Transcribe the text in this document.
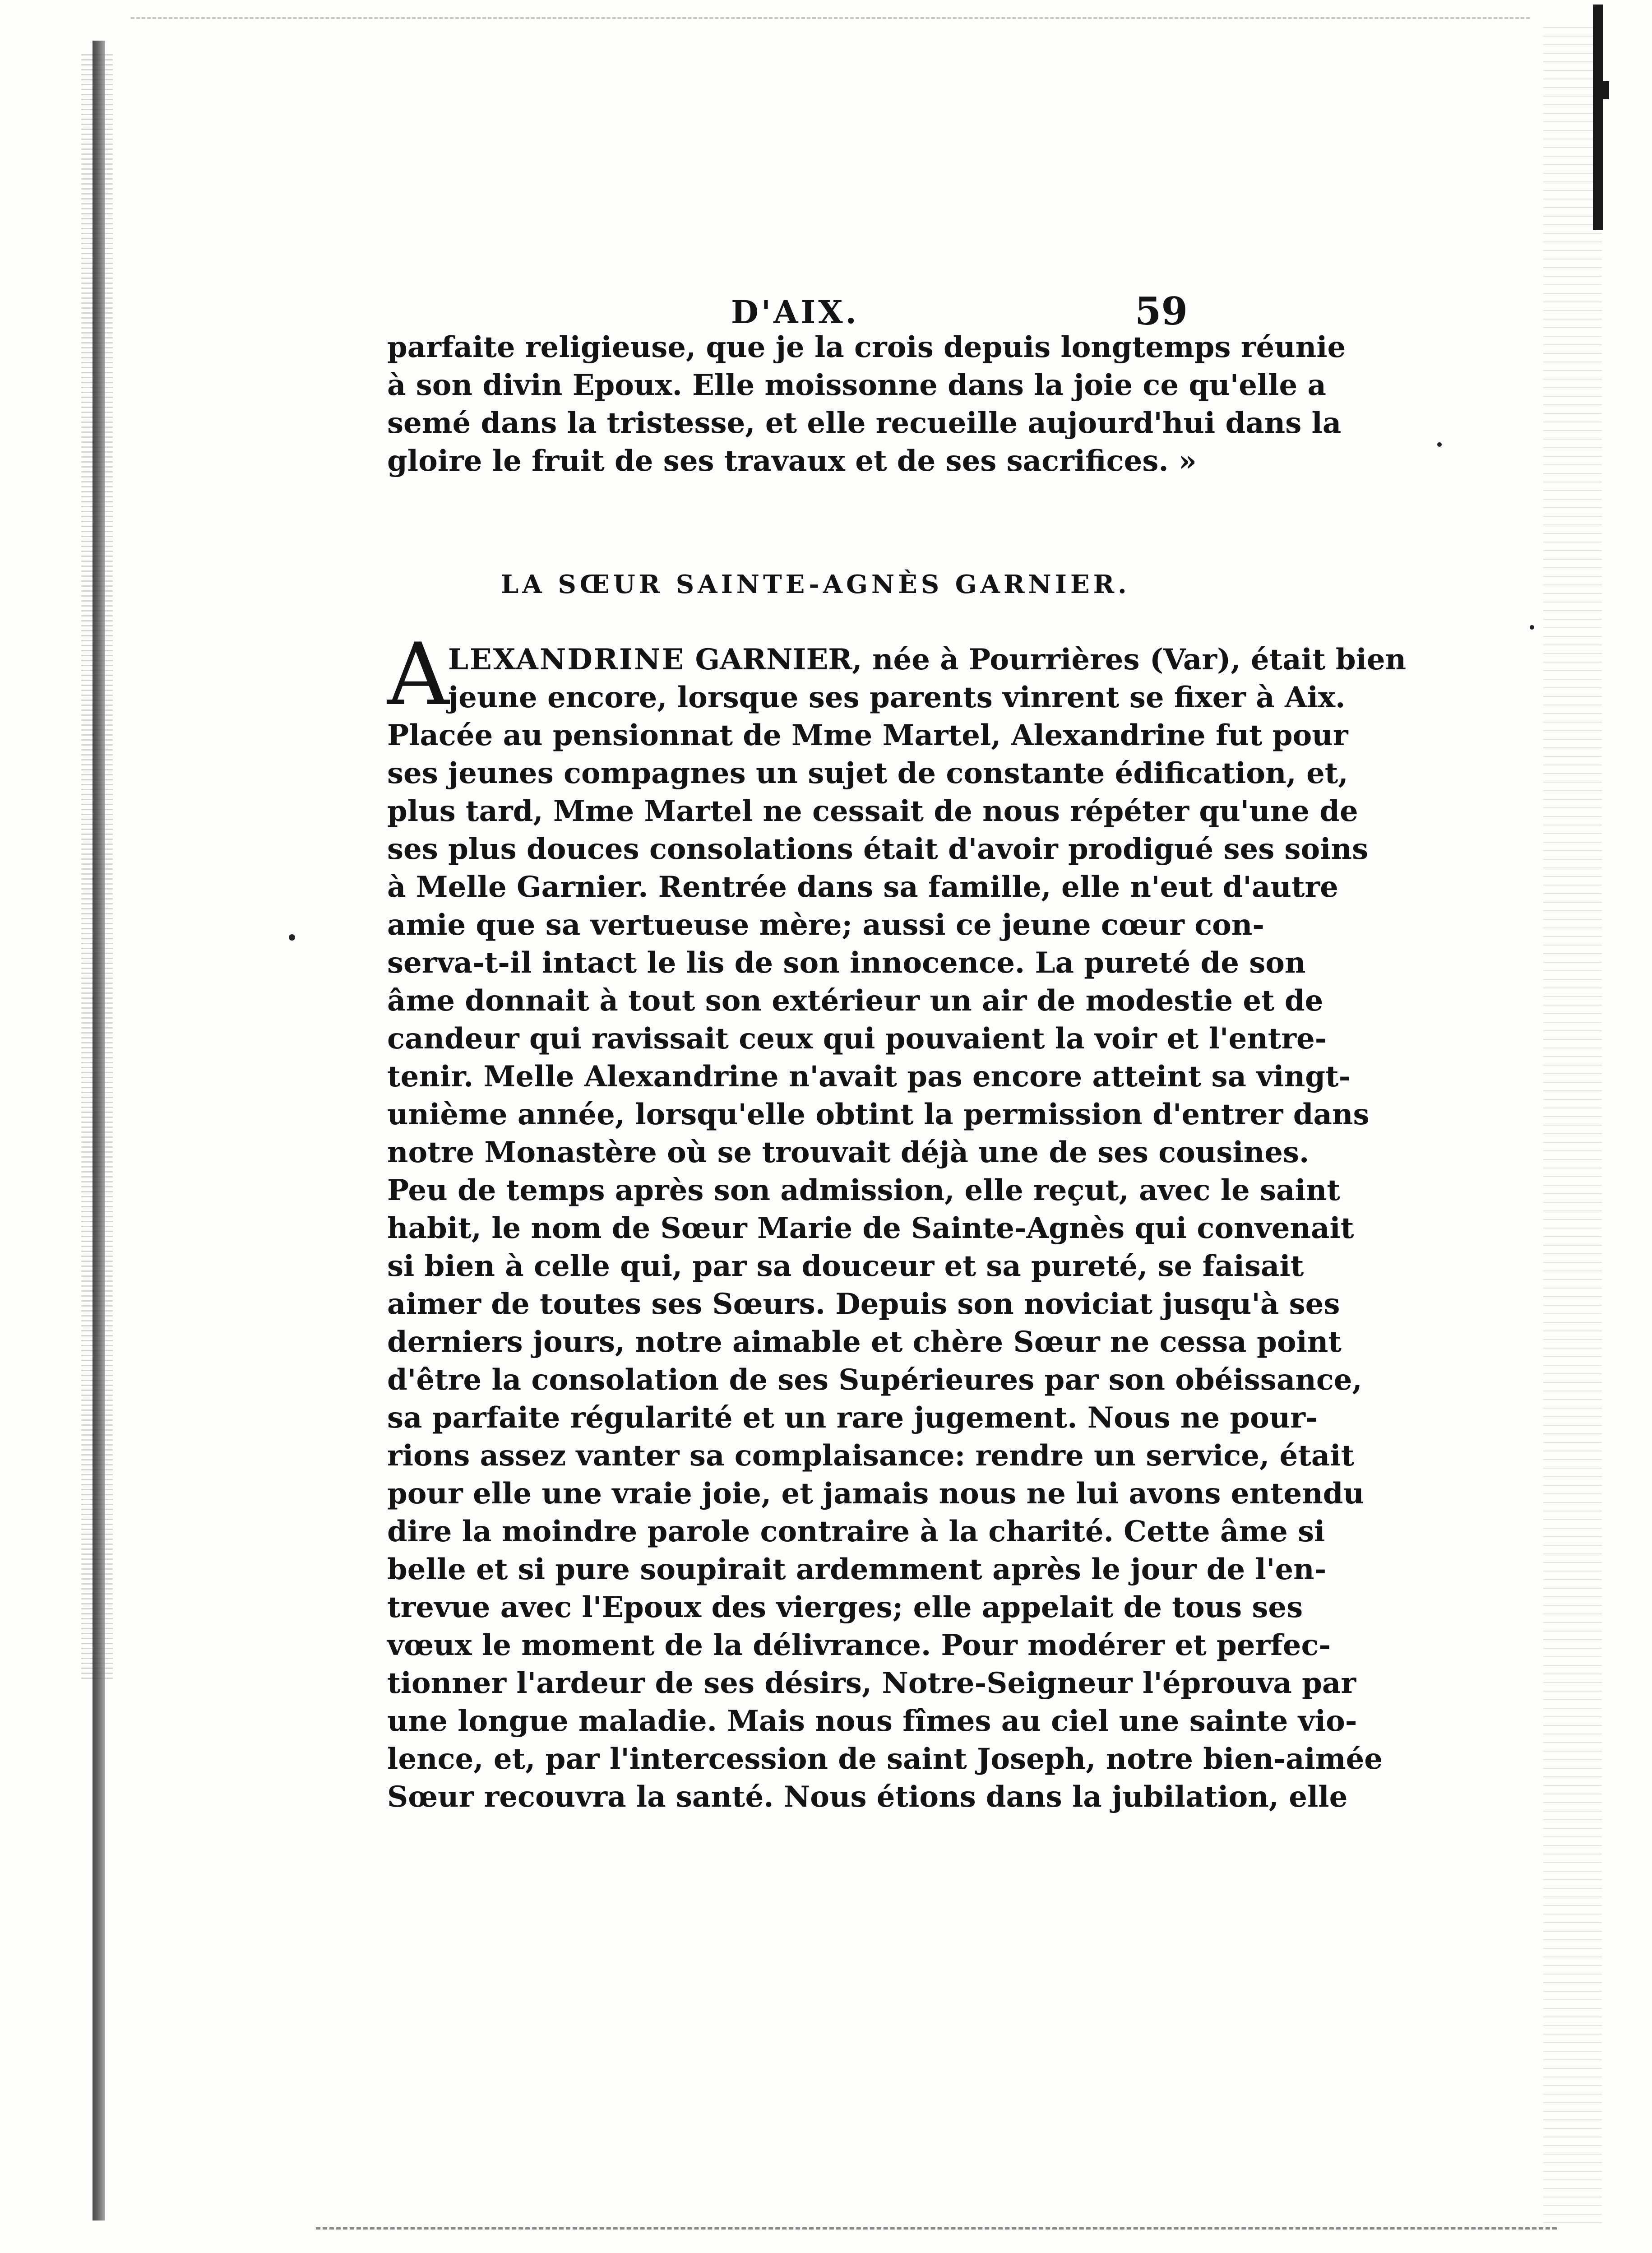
D'AIX.	59
parfaite religieuse, que je la crois depuis longtemps réunie
à son divin Epoux. Elle moissonne dans la joie ce qu'elle a
semé dans la tristesse, et elle recueille aujourd'hui dans la
gloire le fruit de ses travaux et de ses sacrifices. »
LA SŒUR SAINTE-AGNÈS GARNIER.
A
LEXANDRINE GARNIER, née à Pourrières (Var), était bien
jeune encore, lorsque ses parents vinrent se fixer à Aix.
Placée au pensionnat de Mme Martel, Alexandrine fut pour
ses jeunes compagnes un sujet de constante édification, et,
plus tard, Mme Martel ne cessait de nous répéter qu'une de
ses plus douces consolations était d'avoir prodigué ses soins
à Melle Garnier. Rentrée dans sa famille, elle n'eut d'autre
amie que sa vertueuse mère; aussi ce jeune cœur con-
serva-t-il intact le lis de son innocence. La pureté de son
âme donnait à tout son extérieur un air de modestie et de
candeur qui ravissait ceux qui pouvaient la voir et l'entre-
tenir. Melle Alexandrine n'avait pas encore atteint sa vingt-
unième année, lorsqu'elle obtint la permission d'entrer dans
notre Monastère où se trouvait déjà une de ses cousines.
Peu de temps après son admission, elle reçut, avec le saint
habit, le nom de Sœur Marie de Sainte-Agnès qui convenait
si bien à celle qui, par sa douceur et sa pureté, se faisait
aimer de toutes ses Sœurs. Depuis son noviciat jusqu'à ses
derniers jours, notre aimable et chère Sœur ne cessa point
d'être la consolation de ses Supérieures par son obéissance,
sa parfaite régularité et un rare jugement. Nous ne pour-
rions assez vanter sa complaisance: rendre un service, était
pour elle une vraie joie, et jamais nous ne lui avons entendu
dire la moindre parole contraire à la charité. Cette âme si
belle et si pure soupirait ardemment après le jour de l'en-
trevue avec l'Epoux des vierges; elle appelait de tous ses
vœux le moment de la délivrance. Pour modérer et perfec-
tionner l'ardeur de ses désirs, Notre-Seigneur l'éprouva par
une longue maladie. Mais nous fîmes au ciel une sainte vio-
lence, et, par l'intercession de saint Joseph, notre bien-aimée
Sœur recouvra la santé. Nous étions dans la jubilation, elle
